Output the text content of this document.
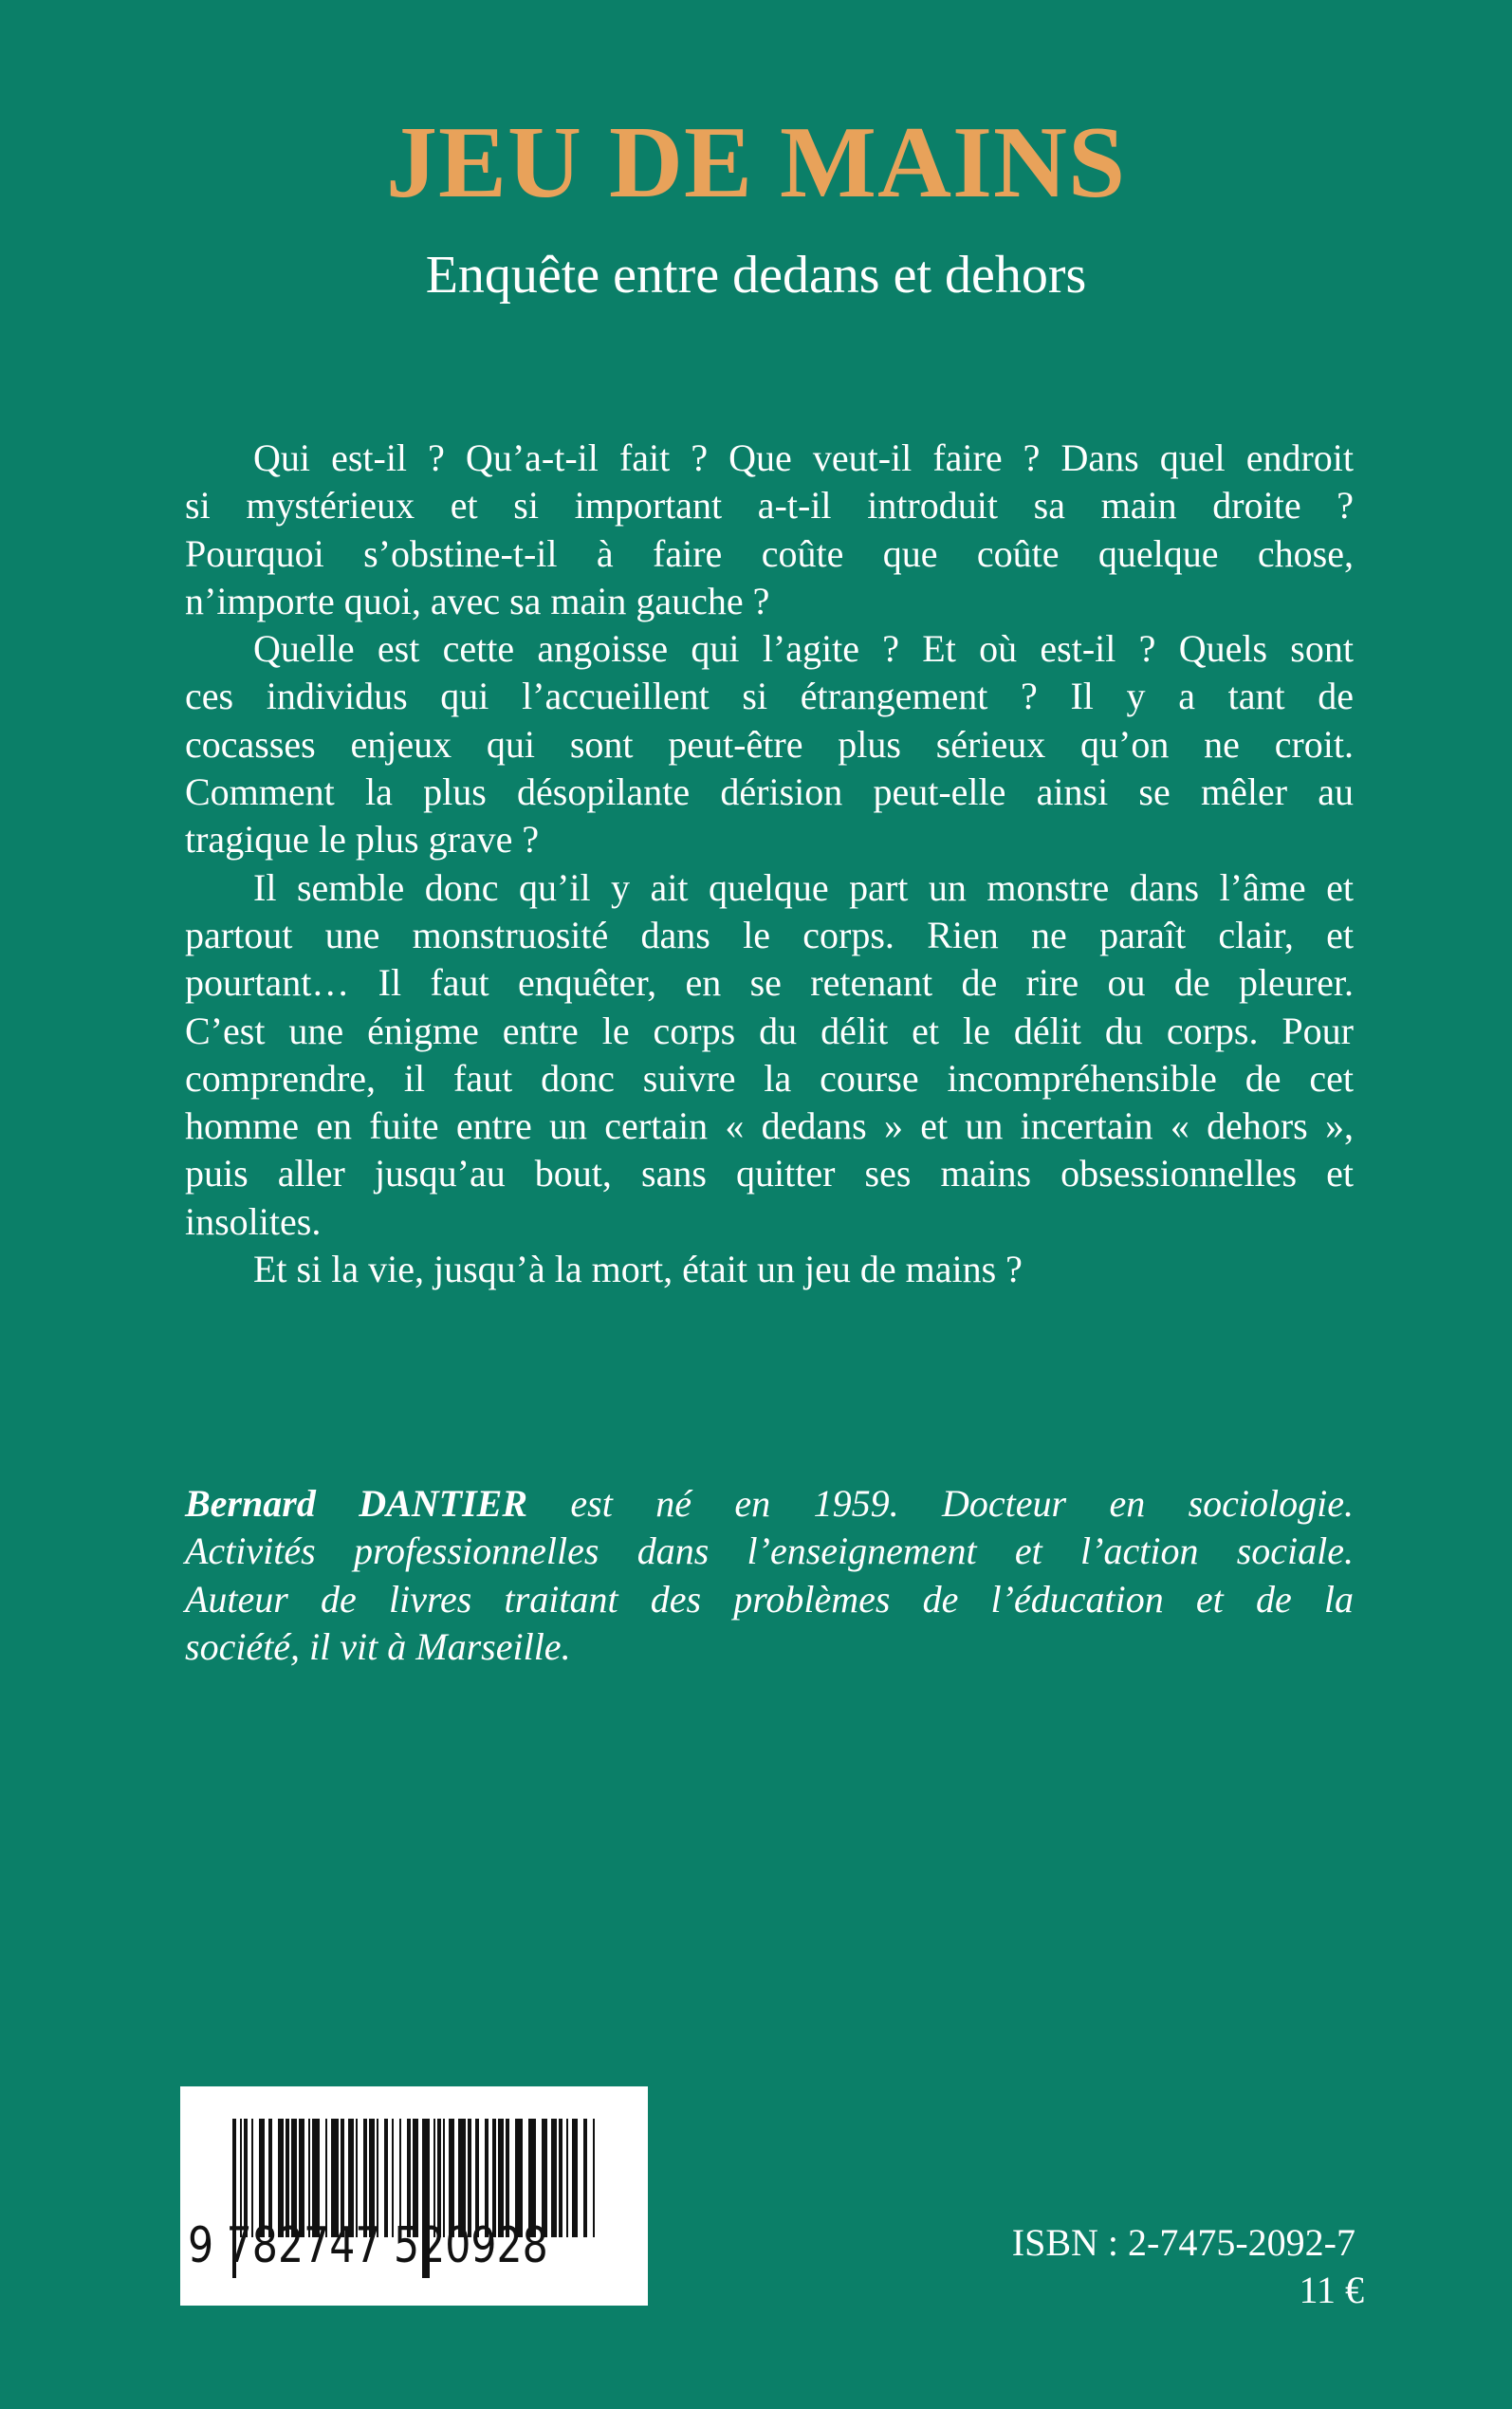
JEU DE MAINS
Enquête entre dedans et dehors
Qui est-il ? Qu’a-t-il fait ? Que veut-il faire ? Dans quel endroit
si mystérieux et si important a-t-il introduit sa main droite ?
Pourquoi s’obstine-t-il à faire coûte que coûte quelque chose,
n’importe quoi, avec sa main gauche ?
Quelle est cette angoisse qui l’agite ? Et où est-il ? Quels sont
ces individus qui l’accueillent si étrangement ? Il y a tant de
cocasses enjeux qui sont peut-être plus sérieux qu’on ne croit.
Comment la plus désopilante dérision peut-elle ainsi se mêler au
tragique le plus grave ?
Il semble donc qu’il y ait quelque part un monstre dans l’âme et
partout une monstruosité dans le corps. Rien ne paraît clair, et
pourtant… Il faut enquêter, en se retenant de rire ou de pleurer.
C’est une énigme entre le corps du délit et le délit du corps. Pour
comprendre, il faut donc suivre la course incompréhensible de cet
homme en fuite entre un certain « dedans » et un incertain « dehors »,
puis aller jusqu’au bout, sans quitter ses mains obsessionnelles et
insolites.
Et si la vie, jusqu’à la mort, était un jeu de mains ?
Bernard DANTIER est né en 1959. Docteur en sociologie.
Activités professionnelles dans l’enseignement et l’action sociale.
Auteur de livres traitant des problèmes de l’éducation et de la
société, il vit à Marseille.
9 782747 520928	ISBN : 2-7475-2092-7
11 €
